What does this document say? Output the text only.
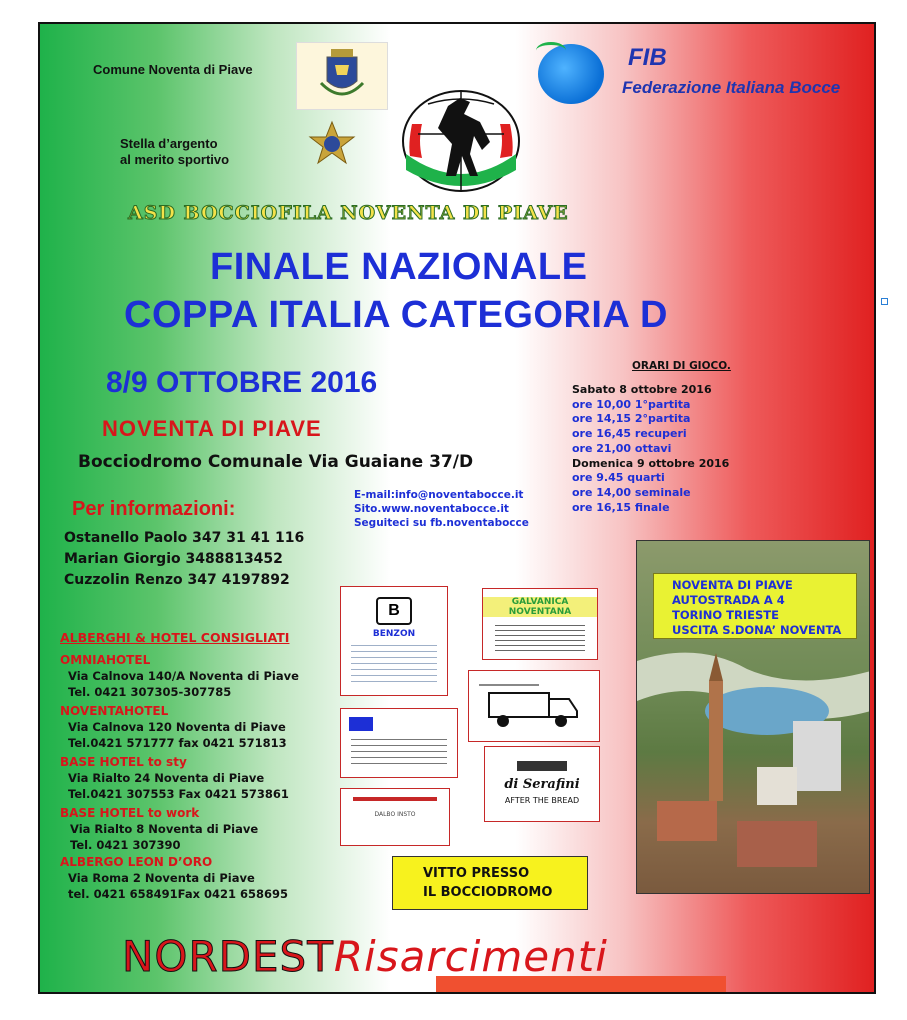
Comune Noventa di Piave
Stella d’argento
al merito sportivo
FIB
Federazione Italiana Bocce
ASD BOCCIOFILA NOVENTA DI PIAVE
FINALE NAZIONALE
COPPA ITALIA CATEGORIA D
8/9 OTTOBRE 2016
NOVENTA DI PIAVE
Bocciodromo Comunale Via Guaiane 37/D
ORARI DI GIOCO.
Sabato 8 ottobre 2016
ore 10,00 1°partita
ore 14,15 2°partita
ore 16,45 recuperi
ore 21,00 ottavi
Domenica 9 ottobre 2016
ore 9.45 quarti
ore 14,00 seminale
ore 16,15 finale
Per informazioni:
Ostanello Paolo 347 31 41 116
Marian Giorgio 3488813452
Cuzzolin Renzo 347 4197892
E-mail:info@noventabocce.it
Sito.www.noventabocce.it
Seguiteci su fb.noventabocce
ALBERGHI & HOTEL CONSIGLIATI
OMNIAHOTEL
Via Calnova 140/A Noventa di Piave
Tel. 0421 307305-307785
NOVENTAHOTEL
Via Calnova 120 Noventa di Piave
Tel.0421 571777 fax 0421 571813
BASE HOTEL to sty
Via Rialto 24 Noventa di Piave
Tel.0421 307553 Fax 0421 573861
BASE HOTEL to work
Via Rialto 8 Noventa di Piave
Tel. 0421 307390
ALBERGO LEON D’ORO
Via Roma 2 Noventa di Piave
tel. 0421 658491Fax 0421 658695
B
BENZON
GALVANICA NOVENTANA
di Serafini
AFTER THE BREAD
DALBO INSTO
VITTO PRESSO
IL BOCCIODROMO
NOVENTA DI PIAVE
AUTOSTRADA A 4
TORINO TRIESTE
USCITA S.DONA’ NOVENTA
NORDESTRisarcimenti
